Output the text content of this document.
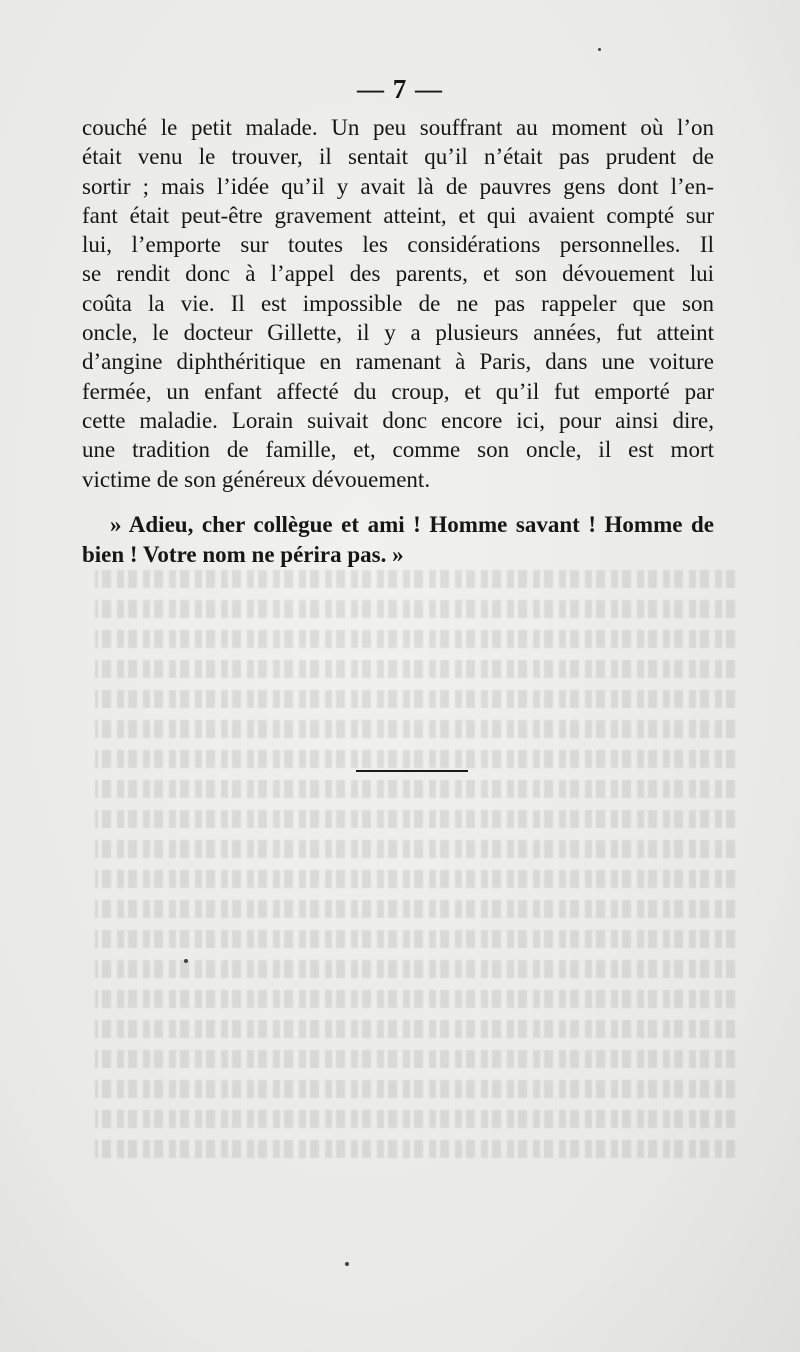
— 7 —

couché le petit malade. Un peu souffrant au moment où l’on
était venu le trouver, il sentait qu’il n’était pas prudent de
sortir ; mais l’idée qu’il y avait là de pauvres gens dont l’en-
fant était peut-être gravement atteint, et qui avaient compté sur
lui, l’emporte sur toutes les considérations personnelles. Il
se rendit donc à l’appel des parents, et son dévouement lui
coûta la vie. Il est impossible de ne pas rappeler que son
oncle, le docteur Gillette, il y a plusieurs années, fut atteint
d’angine diphthéritique en ramenant à Paris, dans une voiture
fermée, un enfant affecté du croup, et qu’il fut emporté par
cette maladie. Lorain suivait donc encore ici, pour ainsi dire,
une tradition de famille, et, comme son oncle, il est mort
victime de son généreux dévouement.

» Adieu, cher collègue et ami ! Homme savant ! Homme de
bien ! Votre nom ne périra pas. »
